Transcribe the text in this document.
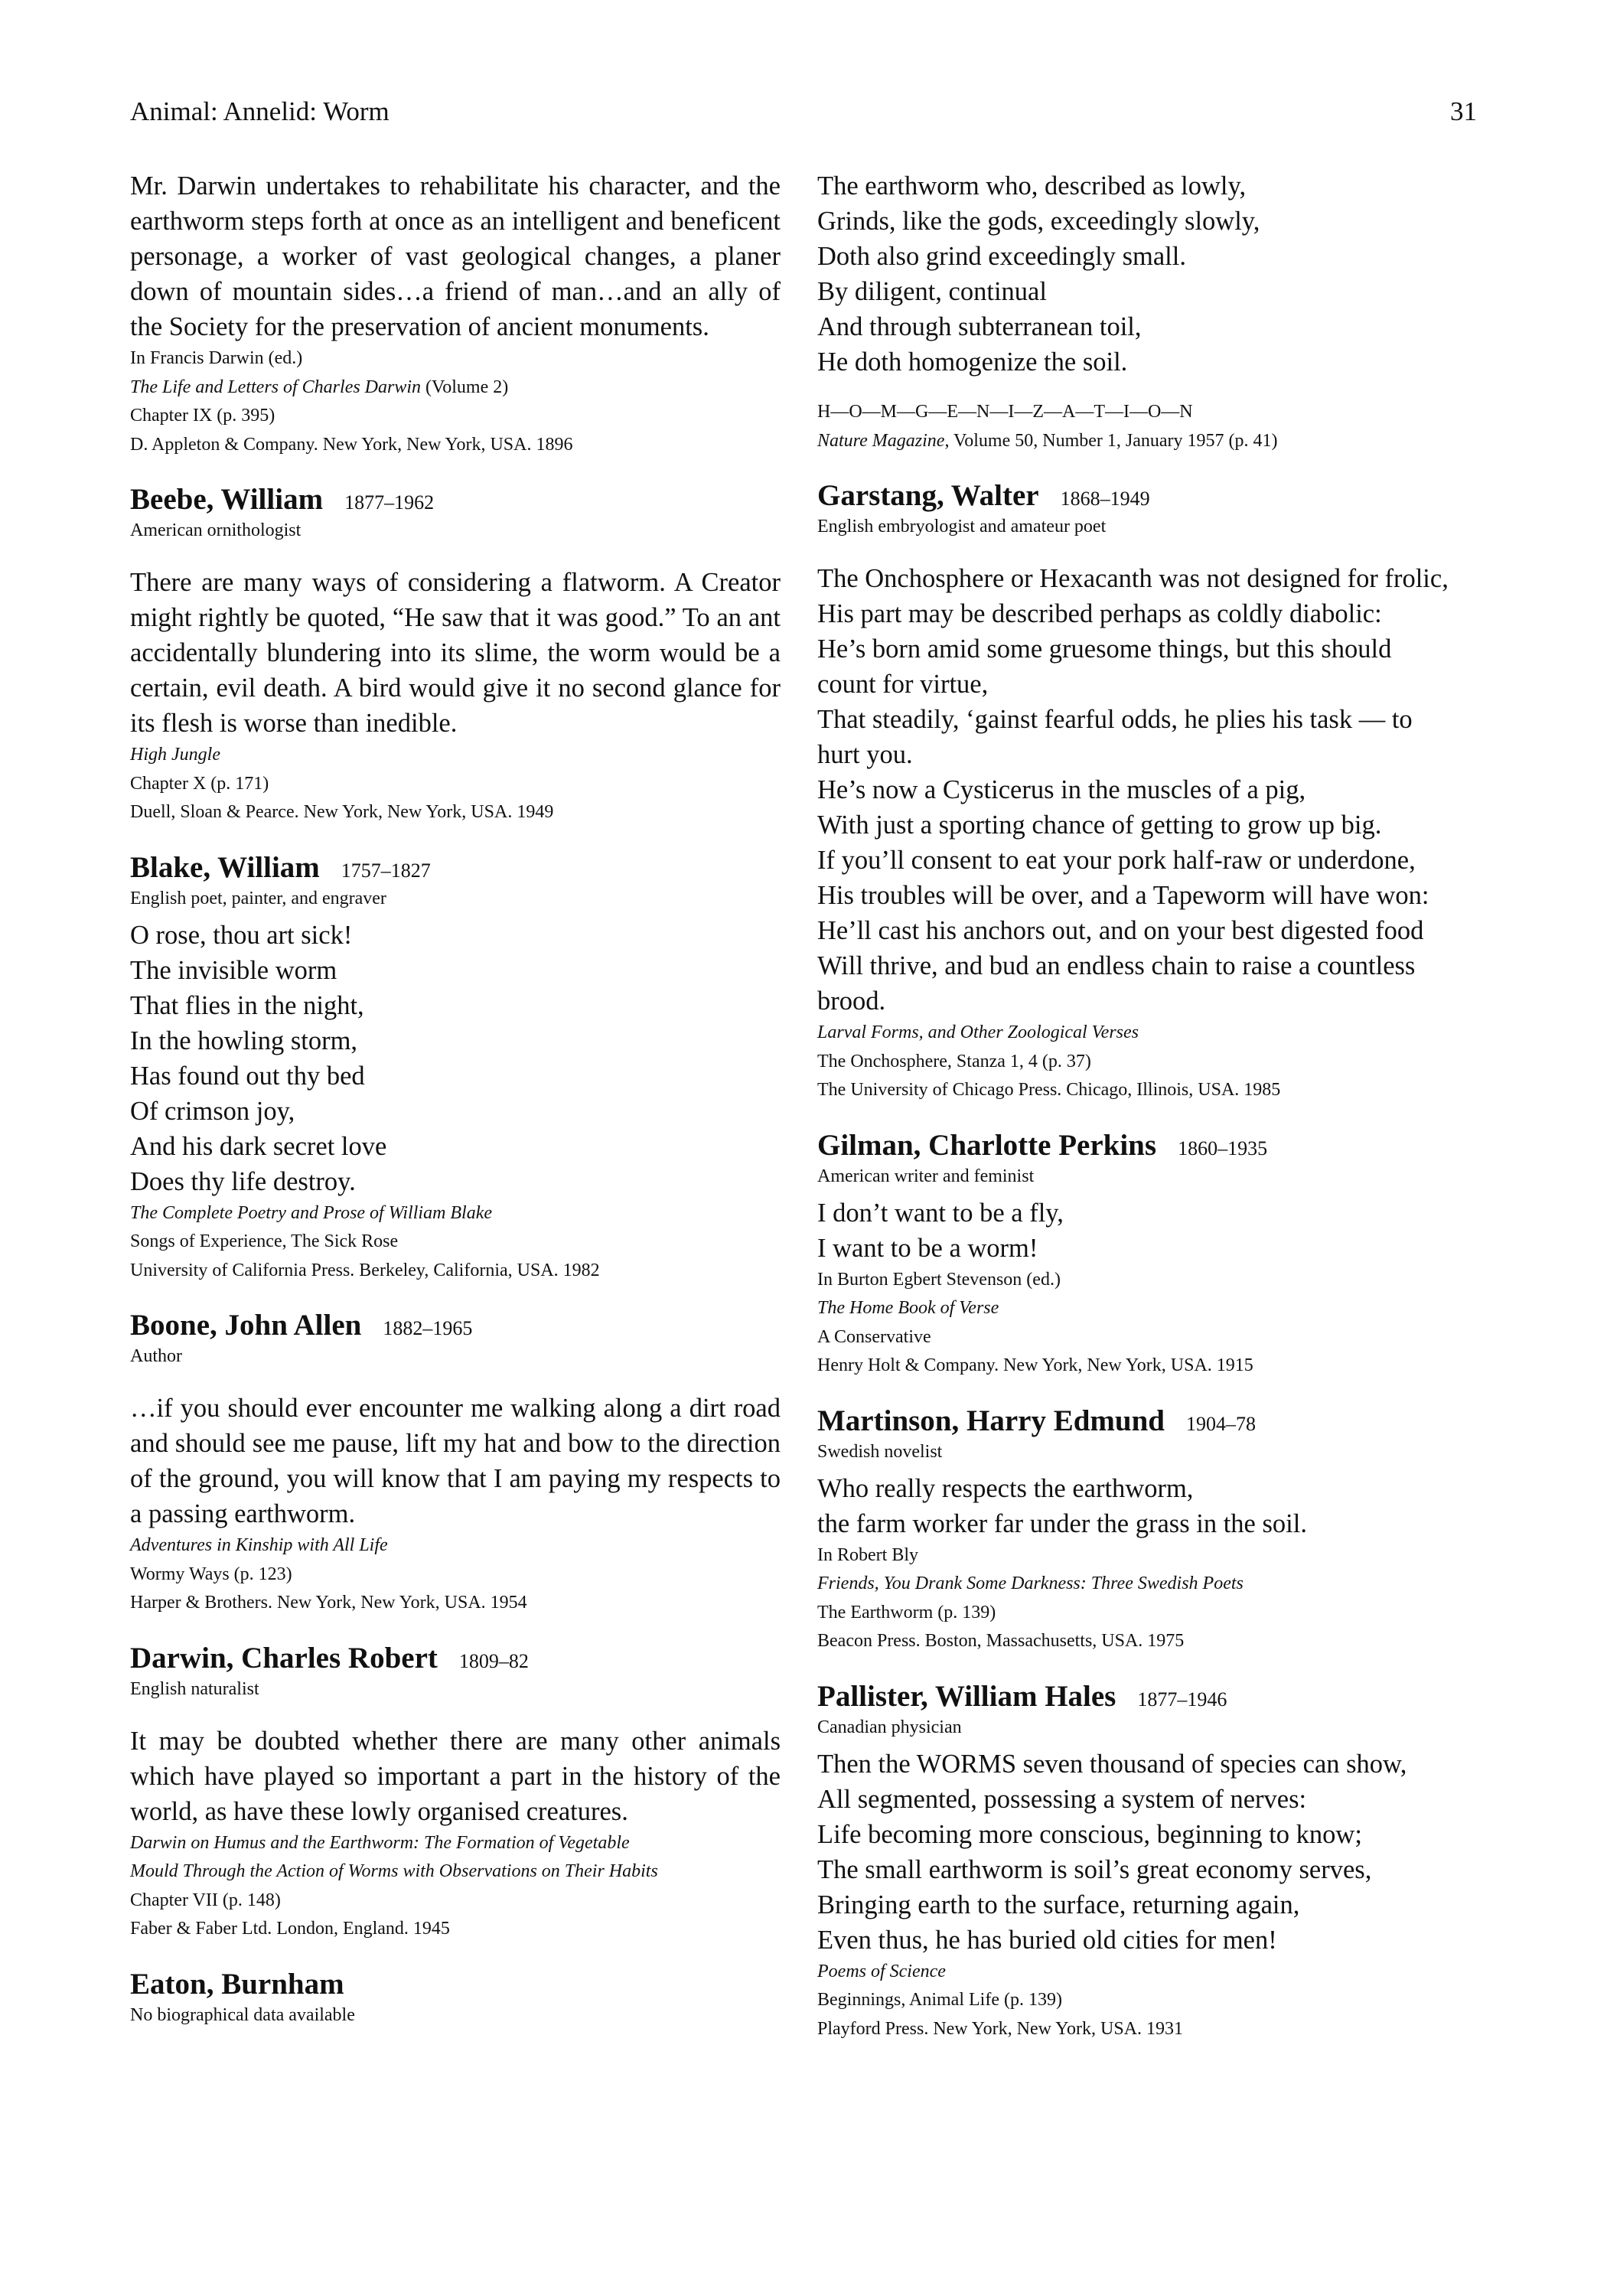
Animal: Annelid: Worm	31

Mr. Darwin undertakes to rehabilitate his character, and the earthworm steps forth at once as an intelligent and beneficent personage, a worker of vast geological changes, a planer down of mountain sides…a friend of man…and an ally of the Society for the preservation of ancient monuments.

In Francis Darwin (ed.)
The Life and Letters of Charles Darwin (Volume 2)
Chapter IX (p. 395)
D. Appleton & Company. New York, New York, USA. 1896
Beebe, William 1877–1962

American ornithologist

There are many ways of considering a flatworm. A Creator might rightly be quoted, “He saw that it was good.” To an ant accidentally blundering into its slime, the worm would be a certain, evil death. A bird would give it no second glance for its flesh is worse than inedible.

High Jungle
Chapter X (p. 171)
Duell, Sloan & Pearce. New York, New York, USA. 1949
Blake, William 1757–1827

English poet, painter, and engraver

O rose, thou art sick!
The invisible worm
That flies in the night,
In the howling storm,
Has found out thy bed
Of crimson joy,
And his dark secret love
Does thy life destroy.

The Complete Poetry and Prose of William Blake
Songs of Experience, The Sick Rose
University of California Press. Berkeley, California, USA. 1982
Boone, John Allen 1882–1965

Author

…if you should ever encounter me walking along a dirt road and should see me pause, lift my hat and bow to the direction of the ground, you will know that I am paying my respects to a passing earthworm.

Adventures in Kinship with All Life
Wormy Ways (p. 123)
Harper & Brothers. New York, New York, USA. 1954
Darwin, Charles Robert 1809–82

English naturalist

It may be doubted whether there are many other animals which have played so important a part in the history of the world, as have these lowly organised creatures.

Darwin on Humus and the Earthworm: The Formation of Vegetable
Mould Through the Action of Worms with Observations on Their Habits
Chapter VII (p. 148)
Faber & Faber Ltd. London, England. 1945
Eaton, Burnham

No biographical data available

The earthworm who, described as lowly,
Grinds, like the gods, exceedingly slowly,
Doth also grind exceedingly small.
By diligent, continual
And through subterranean toil,
He doth homogenize the soil.

H—O—M—G—E—N—I—Z—A—T—I—O—N
Nature Magazine, Volume 50, Number 1, January 1957 (p. 41)
Garstang, Walter 1868–1949

English embryologist and amateur poet

The Onchosphere or Hexacanth was not designed for frolic,
His part may be described perhaps as coldly diabolic:
He’s born amid some gruesome things, but this should
count for virtue,
That steadily, ‘gainst fearful odds, he plies his task — to
hurt you.
He’s now a Cysticerus in the muscles of a pig,
With just a sporting chance of getting to grow up big.
If you’ll consent to eat your pork half-raw or underdone,
His troubles will be over, and a Tapeworm will have won:
He’ll cast his anchors out, and on your best digested food
Will thrive, and bud an endless chain to raise a countless
brood.

Larval Forms, and Other Zoological Verses
The Onchosphere, Stanza 1, 4 (p. 37)
The University of Chicago Press. Chicago, Illinois, USA. 1985
Gilman, Charlotte Perkins 1860–1935

American writer and feminist

I don’t want to be a fly,
I want to be a worm!

In Burton Egbert Stevenson (ed.)
The Home Book of Verse
A Conservative
Henry Holt & Company. New York, New York, USA. 1915
Martinson, Harry Edmund 1904–78

Swedish novelist

Who really respects the earthworm,
the farm worker far under the grass in the soil.

In Robert Bly
Friends, You Drank Some Darkness: Three Swedish Poets
The Earthworm (p. 139)
Beacon Press. Boston, Massachusetts, USA. 1975
Pallister, William Hales 1877–1946

Canadian physician

Then the WORMS seven thousand of species can show,
All segmented, possessing a system of nerves:
Life becoming more conscious, beginning to know;
The small earthworm is soil’s great economy serves,
Bringing earth to the surface, returning again,
Even thus, he has buried old cities for men!

Poems of Science
Beginnings, Animal Life (p. 139)
Playford Press. New York, New York, USA. 1931
